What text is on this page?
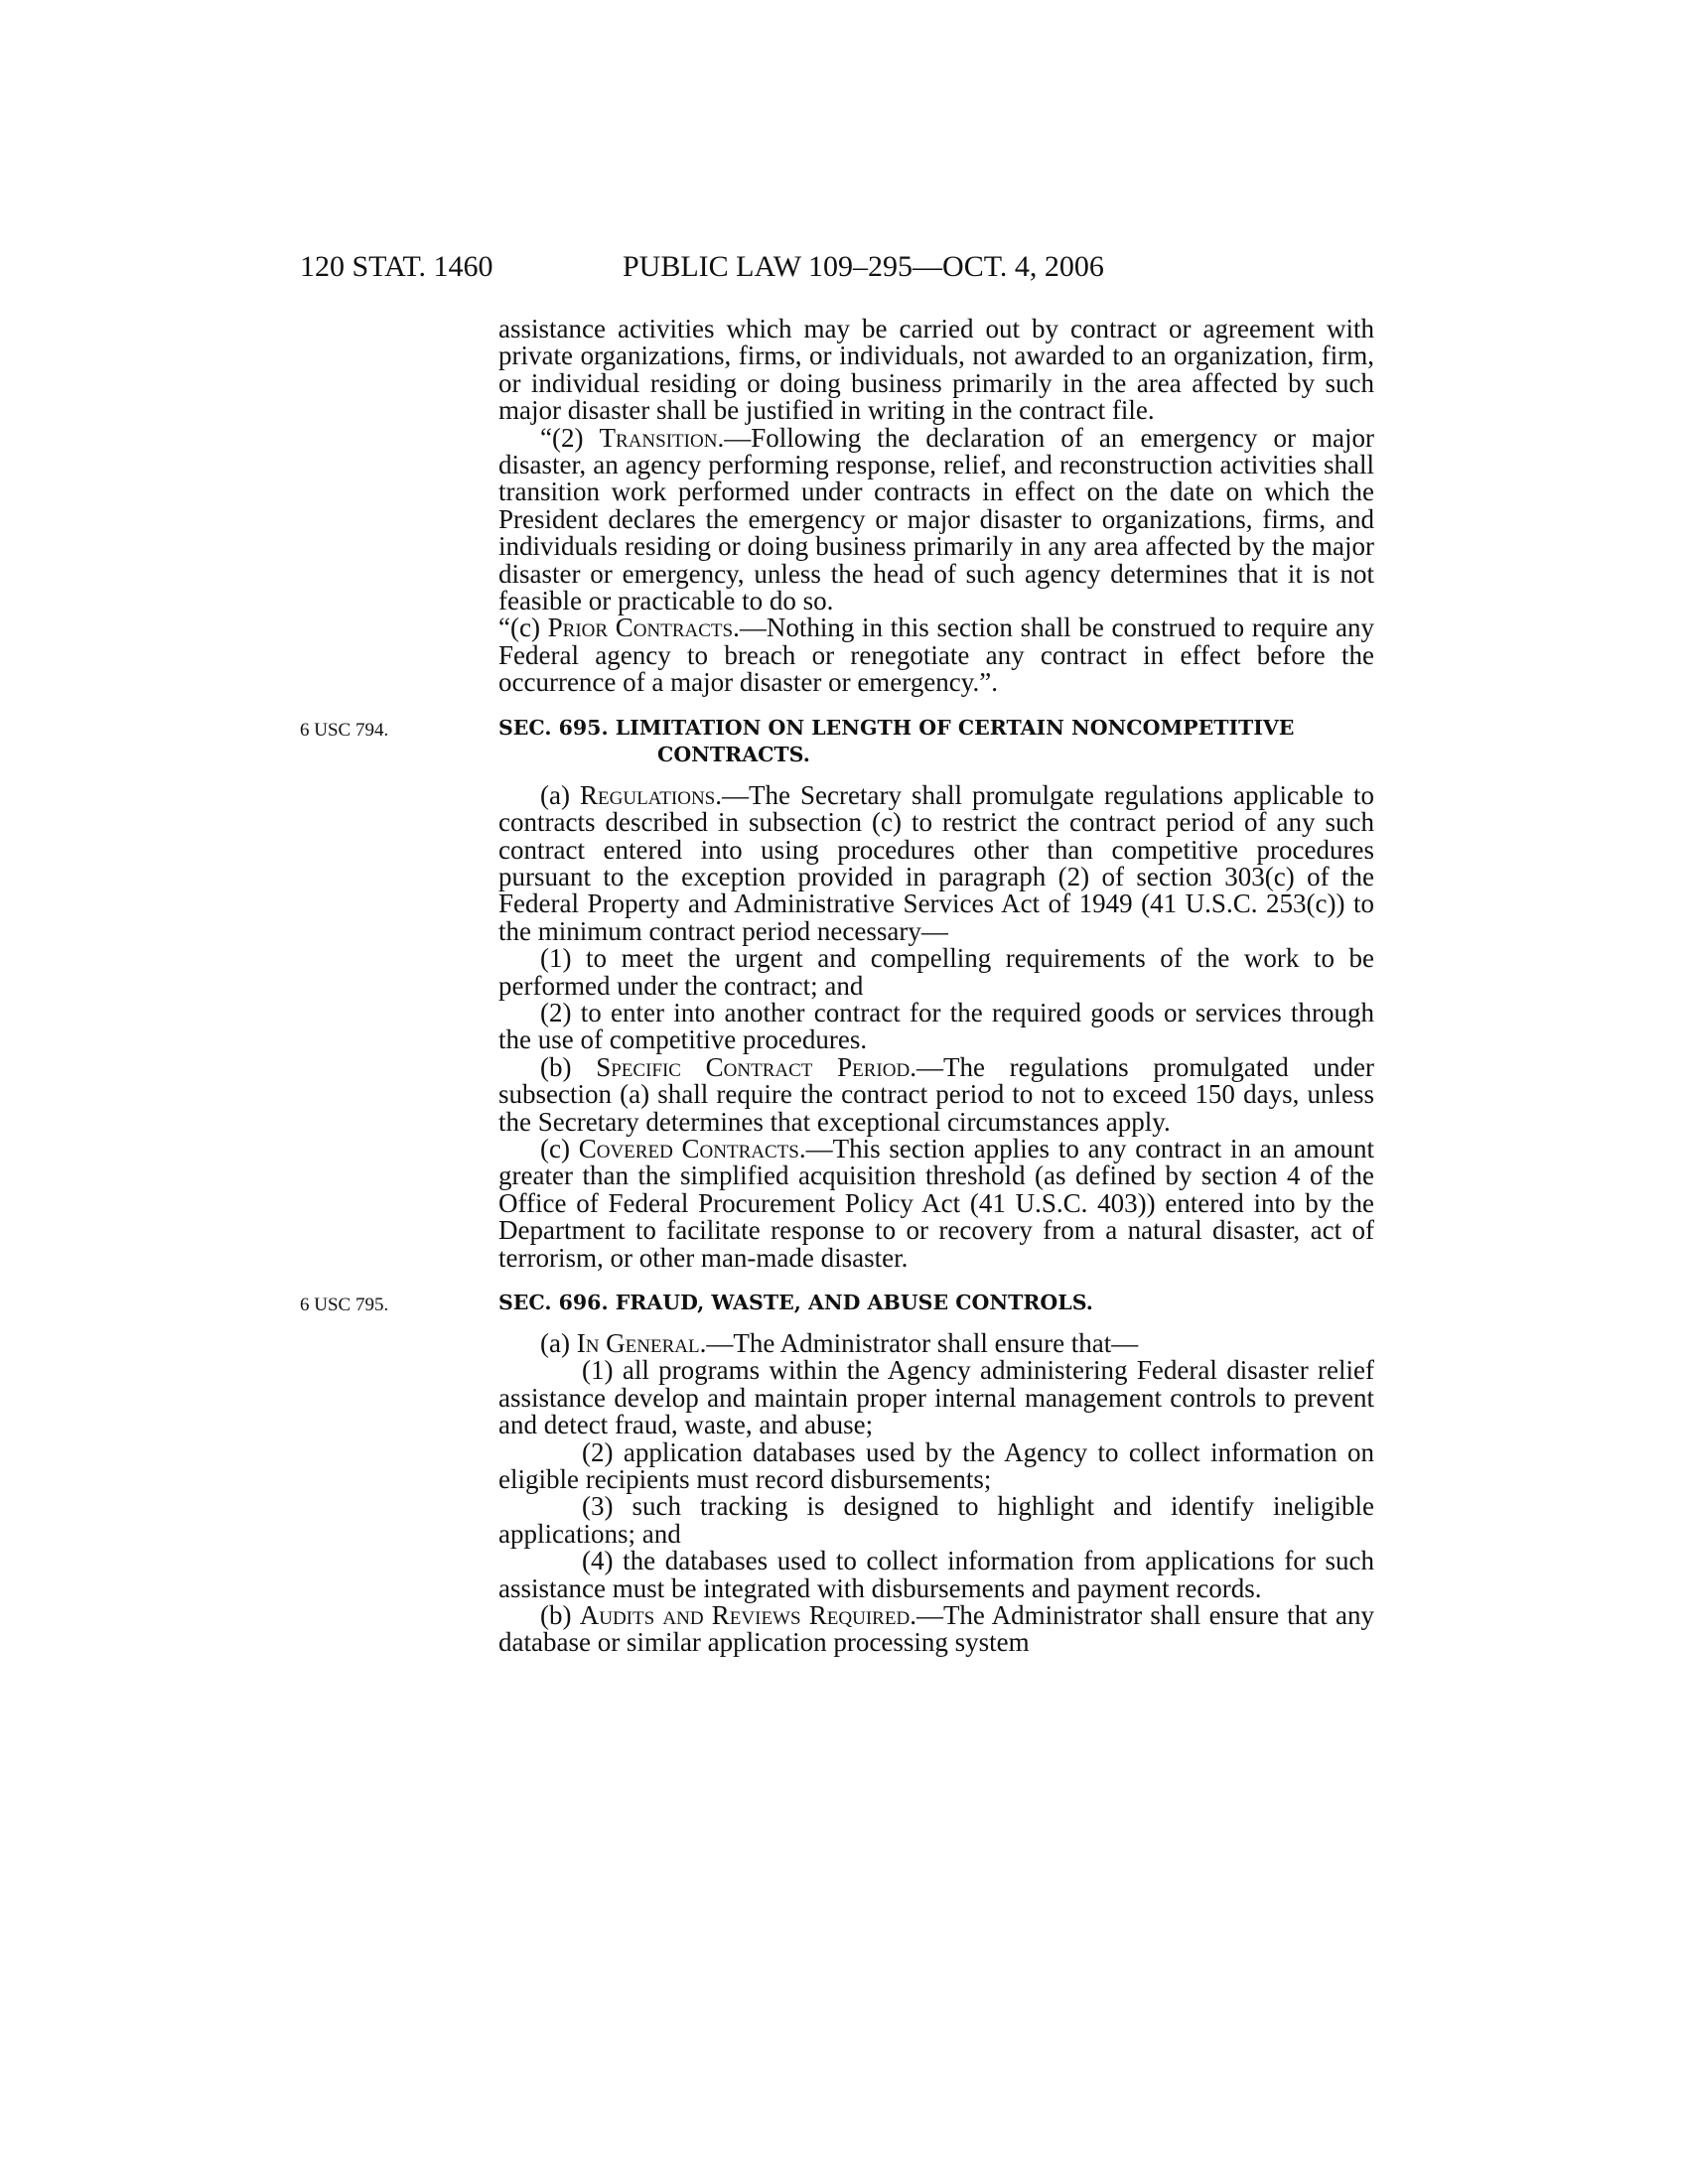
120 STAT. 1460	PUBLIC LAW 109–295—OCT. 4, 2006

assistance activities which may be carried out by contract or agreement with private organizations, firms, or individuals, not awarded to an organization, firm, or individual residing or doing business primarily in the area affected by such major disaster shall be justified in writing in the contract file.

“(2) Transition.—Following the declaration of an emergency or major disaster, an agency performing response, relief, and reconstruction activities shall transition work performed under contracts in effect on the date on which the President declares the emergency or major disaster to organizations, firms, and individuals residing or doing business primarily in any area affected by the major disaster or emergency, unless the head of such agency determines that it is not feasible or practicable to do so.

“(c) Prior Contracts.—Nothing in this section shall be construed to require any Federal agency to breach or renegotiate any contract in effect before the occurrence of a major disaster or emergency.”.

6 USC 794.	SEC. 695. LIMITATION ON LENGTH OF CERTAIN NONCOMPETITIVE CONTRACTS.

(a) Regulations.—The Secretary shall promulgate regulations applicable to contracts described in subsection (c) to restrict the contract period of any such contract entered into using procedures other than competitive procedures pursuant to the exception provided in paragraph (2) of section 303(c) of the Federal Property and Administrative Services Act of 1949 (41 U.S.C. 253(c)) to the minimum contract period necessary—

(1) to meet the urgent and compelling requirements of the work to be performed under the contract; and

(2) to enter into another contract for the required goods or services through the use of competitive procedures.

(b) Specific Contract Period.—The regulations promulgated under subsection (a) shall require the contract period to not to exceed 150 days, unless the Secretary determines that exceptional circumstances apply.

(c) Covered Contracts.—This section applies to any contract in an amount greater than the simplified acquisition threshold (as defined by section 4 of the Office of Federal Procurement Policy Act (41 U.S.C. 403)) entered into by the Department to facilitate response to or recovery from a natural disaster, act of terrorism, or other man-made disaster.

6 USC 795.	SEC. 696. FRAUD, WASTE, AND ABUSE CONTROLS.

(a) In General.—The Administrator shall ensure that—

(1) all programs within the Agency administering Federal disaster relief assistance develop and maintain proper internal management controls to prevent and detect fraud, waste, and abuse;

(2) application databases used by the Agency to collect information on eligible recipients must record disbursements;

(3) such tracking is designed to highlight and identify ineligible applications; and

(4) the databases used to collect information from applications for such assistance must be integrated with disbursements and payment records.

(b) Audits and Reviews Required.—The Administrator shall ensure that any database or similar application processing system
